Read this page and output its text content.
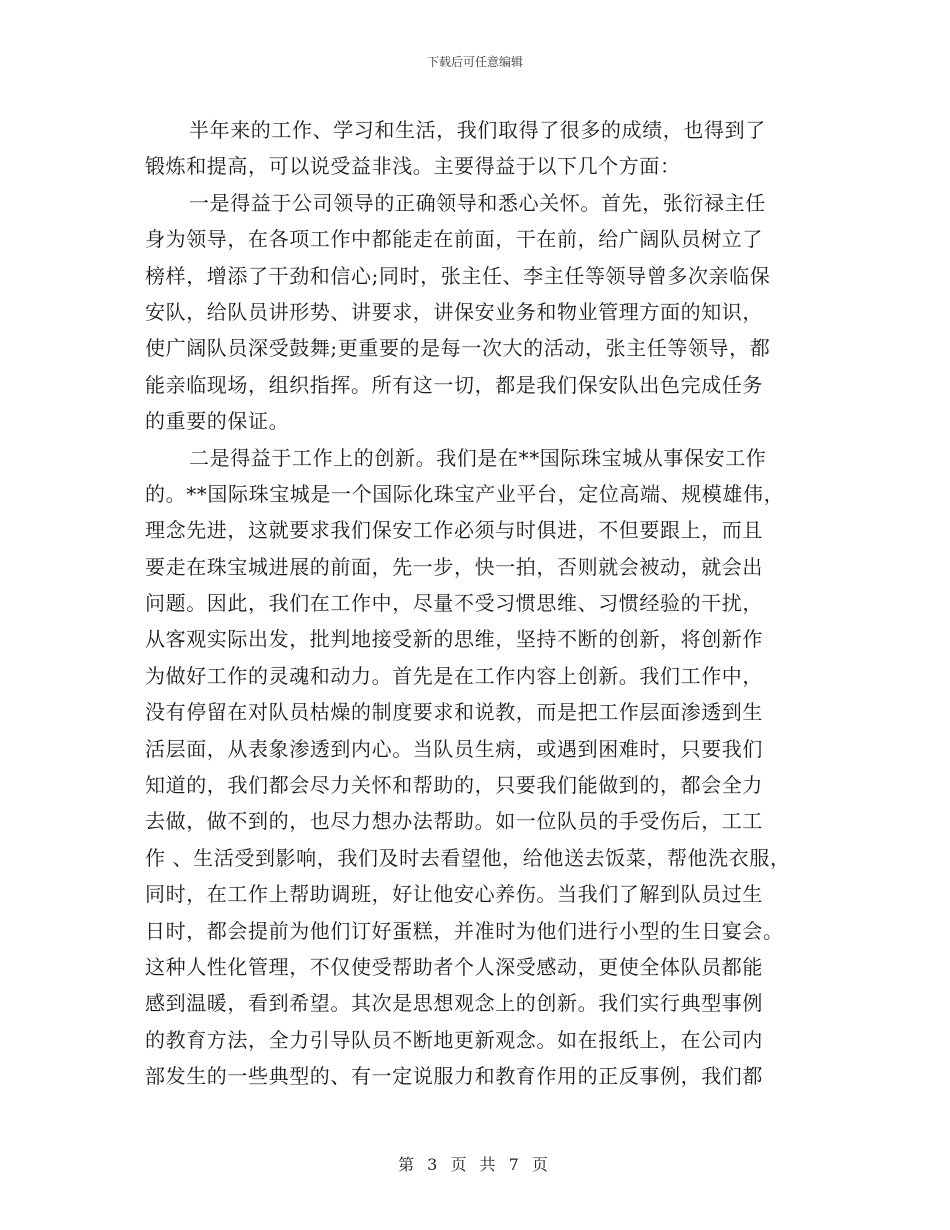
下载后可任意编辑
半年来的工作、学习和生活，我们取得了很多的成绩，也得到了
锻炼和提高，可以说受益非浅。主要得益于以下几个方面：
一是得益于公司领导的正确领导和悉心关怀。首先，张衍禄主任
身为领导，在各项工作中都能走在前面，干在前，给广阔队员树立了
榜样，增添了干劲和信心;同时，张主任、李主任等领导曾多次亲临保
安队，给队员讲形势、讲要求，讲保安业务和物业管理方面的知识，
使广阔队员深受鼓舞;更重要的是每一次大的活动，张主任等领导，都
能亲临现场，组织指挥。所有这一切，都是我们保安队出色完成任务
的重要的保证。
二是得益于工作上的创新。我们是在**国际珠宝城从事保安工作
的。**国际珠宝城是一个国际化珠宝产业平台，定位高端、规模雄伟，
理念先进，这就要求我们保安工作必须与时俱进，不但要跟上，而且
要走在珠宝城进展的前面，先一步，快一拍，否则就会被动，就会出
问题。因此，我们在工作中，尽量不受习惯思维、习惯经验的干扰，
从客观实际出发，批判地接受新的思维，坚持不断的创新，将创新作
为做好工作的灵魂和动力。首先是在工作内容上创新。我们工作中，
没有停留在对队员枯燥的制度要求和说教，而是把工作层面渗透到生
活层面，从表象渗透到内心。当队员生病，或遇到困难时，只要我们
知道的，我们都会尽力关怀和帮助的，只要我们能做到的，都会全力
去做，做不到的，也尽力想办法帮助。如一位队员的手受伤后，工工
作 、生活受到影响，我们及时去看望他，给他送去饭菜，帮他洗衣服，
同时，在工作上帮助调班，好让他安心养伤。当我们了解到队员过生
日时，都会提前为他们订好蛋糕，并准时为他们进行小型的生日宴会。
这种人性化管理，不仅使受帮助者个人深受感动，更使全体队员都能
感到温暖，看到希望。其次是思想观念上的创新。我们实行典型事例
的教育方法，全力引导队员不断地更新观念。如在报纸上，在公司内
部发生的一些典型的、有一定说服力和教育作用的正反事例，我们都
第 3 页 共 7 页
